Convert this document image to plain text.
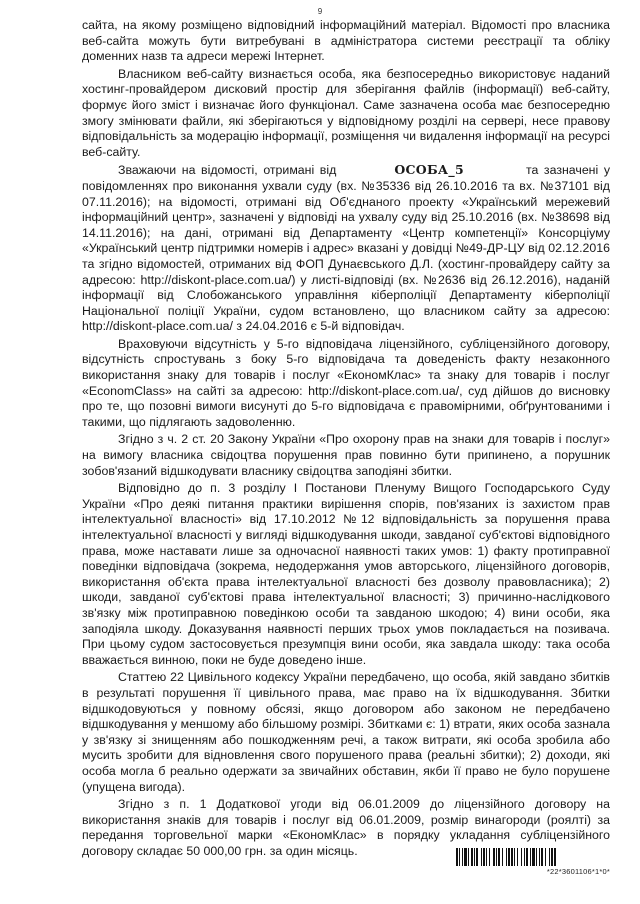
9

сайта, на якому розміщено відповідний інформаційний матеріал. Відомості про власника веб-сайта можуть бути витребувані в адміністратора системи реєстрації та обліку доменних назв та адреси мережі Інтернет.

Власником веб-сайту визнається особа, яка безпосередньо використовує наданий хостинг-провайдером дисковий простір для зберігання файлів (інформації) веб-сайту, формує його зміст і визначає його функціонал. Саме зазначена особа має безпосередню змогу змінювати файли, які зберігаються у відповідному розділі на сервері, несе правову відповідальність за модерацію інформації, розміщення чи видалення інформації на ресурсі веб-сайту.

Зважаючи на відомості, отримані від	ОСОБА_5	та зазначені у повідомленнях про виконання ухвали суду (вх. №35336 від 26.10.2016 та вх. №37101 від 07.11.2016); на відомості, отримані від Об'єднаного проекту «Український мережевий інформаційний центр», зазначені у відповіді на ухвалу суду від 25.10.2016 (вх. №38698 від 14.11.2016); на дані, отримані від Департаменту «Центр компетенції» Консорціуму «Український центр підтримки номерів і адрес» вказані у довідці №49-ДР-ЦУ від 02.12.2016 та згідно відомостей, отриманих від ФОП Дунаєвського Д.Л. (хостинг-провайдеру сайту за адресою: http://diskont-place.com.ua/) у листі-відповіді (вх. №2636 від 26.12.2016), наданій інформації від Слобожанського управління кіберполіції Департаменту кіберполіції Національної поліції України, судом встановлено, що власником сайту за адресою: http://diskont-place.com.ua/ з 24.04.2016 є 5-й відповідач.

Враховуючи відсутність у 5-го відповідача ліцензійного, субліцензійного договору, відсутність спростувань з боку 5-го відповідача та доведеність факту незаконного використання знаку для товарів і послуг «ЕкономКлас» та знаку для товарів і послуг «EconomClass» на сайті за адресою: http://diskont-place.com.ua/, суд дійшов до висновку про те, що позовні вимоги висунуті до 5-го відповідача є правомірними, обґрунтованими і такими, що підлягають задоволенню.

Згідно з ч. 2 ст. 20 Закону України «Про охорону прав на знаки для товарів і послуг» на вимогу власника свідоцтва порушення прав повинно бути припинено, а порушник зобов'язаний відшкодувати власнику свідоцтва заподіяні збитки.

Відповідно до п. 3 розділу І Постанови Пленуму Вищого Господарського Суду України «Про деякі питання практики вирішення спорів, пов'язаних із захистом прав інтелектуальної власності» від 17.10.2012 №12 відповідальність за порушення права інтелектуальної власності у вигляді відшкодування шкоди, завданої суб'єктові відповідного права, може наставати лише за одночасної наявності таких умов: 1) факту протиправної поведінки відповідача (зокрема, недодержання умов авторського, ліцензійного договорів, використання об'єкта права інтелектуальної власності без дозволу правовласника); 2) шкоди, завданої суб'єктові права інтелектуальної власності; 3) причинно-наслідкового зв'язку між протиправною поведінкою особи та завданою шкодою; 4) вини особи, яка заподіяла шкоду. Доказування наявності перших трьох умов покладається на позивача. При цьому судом застосовується презумпція вини особи, яка завдала шкоду: така особа вважається винною, поки не буде доведено інше.

Статтею 22 Цивільного кодексу України передбачено, що особа, якій завдано збитків в результаті порушення її цивільного права, має право на їх відшкодування. Збитки відшкодовуються у повному обсязі, якщо договором або законом не передбачено відшкодування у меншому або більшому розмірі. Збитками є: 1) втрати, яких особа зазнала у зв'язку зі знищенням або пошкодженням речі, а також витрати, які особа зробила або мусить зробити для відновлення свого порушеного права (реальні збитки); 2) доходи, які особа могла б реально одержати за звичайних обставин, якби її право не було порушене (упущена вигода).

Згідно з п. 1 Додаткової угоди від 06.01.2009 до ліцензійного договору на використання знаків для товарів і послуг від 06.01.2009, розмір винагороди (роялті) за передання торговельної марки «ЕкономКлас» в порядку укладання субліцензійного договору складає 50 000,00 грн. за один місяць.

*22*3601106*1*0*
